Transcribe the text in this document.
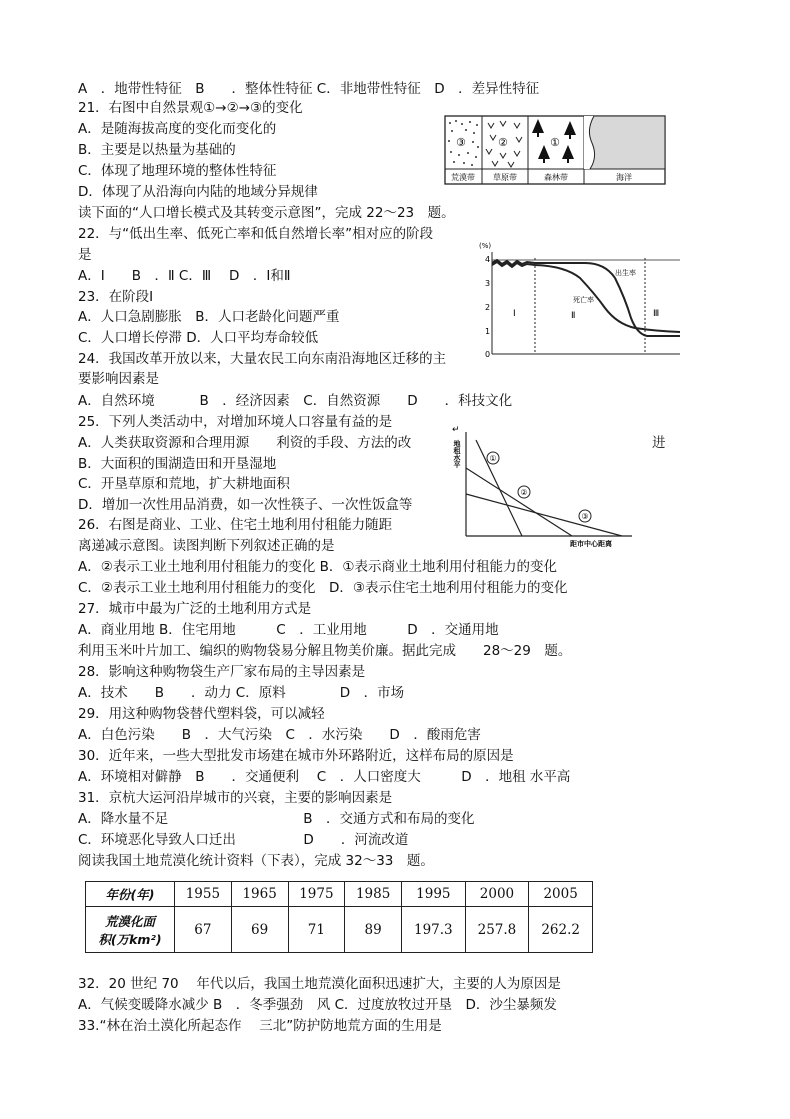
A　．地带性特征　B　　．整体性特征 C．非地带性特征　D　．差异性特征
21．右图中自然景观①→②→③的变化
A．是随海拔高度的变化而变化的
B．主要是以热量为基础的
C．体现了地理环境的整体性特征
D．体现了从沿海向内陆的地域分异规律
读下面的“人口增长模式及其转变示意图”，完成 22～23　题。
22．与“低出生率、低死亡率和低自然增长率”相对应的阶段
是
A．Ⅰ　　B　．Ⅱ C．Ⅲ　 D　．Ⅰ和Ⅱ
23．在阶段Ⅰ
A．人口急剧膨胀　B．人口老龄化问题严重
C．人口增长停滞 D．人口平均寿命较低
24．我国改革开放以来，大量农民工向东南沿海地区迁移的主
要影响因素是
A．自然环境　　　 B　．经济因素　C．自然资源　　D　　．科技文化
25．下列人类活动中，对增加环境人口容量有益的是
A．人类获取资源和合理用源　　利资的手段、方法的改	进
B．大面积的围湖造田和开垦湿地
C．开垦草原和荒地，扩大耕地面积
D．增加一次性用品消费，如一次性筷子、一次性饭盒等
26．右图是商业、工业、住宅土地利用付租能力随距
离递减示意图。读图判断下列叙述正确的是
A．②表示工业土地利用付租能力的变化 B．①表示商业土地利用付租能力的变化
C．②表示工业土地利用付租能力的变化　D．③表示住宅土地利用付租能力的变化
27．城市中最为广泛的土地利用方式是
A．商业用地 B．住宅用地　　　C　．工业用地　　　D　．交通用地
利用玉米叶片加工、编织的购物袋易分解且物美价廉。据此完成　　28～29　题。
28．影响这种购物袋生产厂家布局的主导因素是
A．技术　　B　　．动力 C．原料　　　　D　．市场
29．用这种购物袋替代塑料袋，可以减轻
A．白色污染　　B　．大气污染　C　．水污染　　D　．酸雨危害
30．近年来，一些大型批发市场建在城市外环路附近，这样布局的原因是
A．环境相对僻静　B　　．交通便利　 C　．人口密度大　　　D　．地租 水平高
31．京杭大运河沿岸城市的兴衰，主要的影响因素是
A．降水量不足　　　　　　　　　　B　．交通方式和布局的变化
C．环境恶化导致人口迁出　　　　　D　　．河流改道
阅读我国土地荒漠化统计资料（下表），完成 32～33　题。
32．20 世纪 70　 年代以后，我国土地荒漠化面积迅速扩大，主要的人为原因是
A．气候变暖降水减少 B　．冬季强劲　风 C．过度放牧过开垦　D．沙尘暴频发
33.“林在治土漠化所起态作　 三北”防护防地荒方面的生用是
③	②	①
荒漠带 草原带	森林带	海洋
(%)
4
3
2
1
0
出生率
死亡率
Ⅰ	Ⅱ	Ⅲ
↵
地租水平	①
②
③
距市中心距离
年份(年)	1955	1965	1975	1985	1995	2000	2005

荒漠化面
积(万km²)	67	69	71	89	197.3	257.8	262.2
